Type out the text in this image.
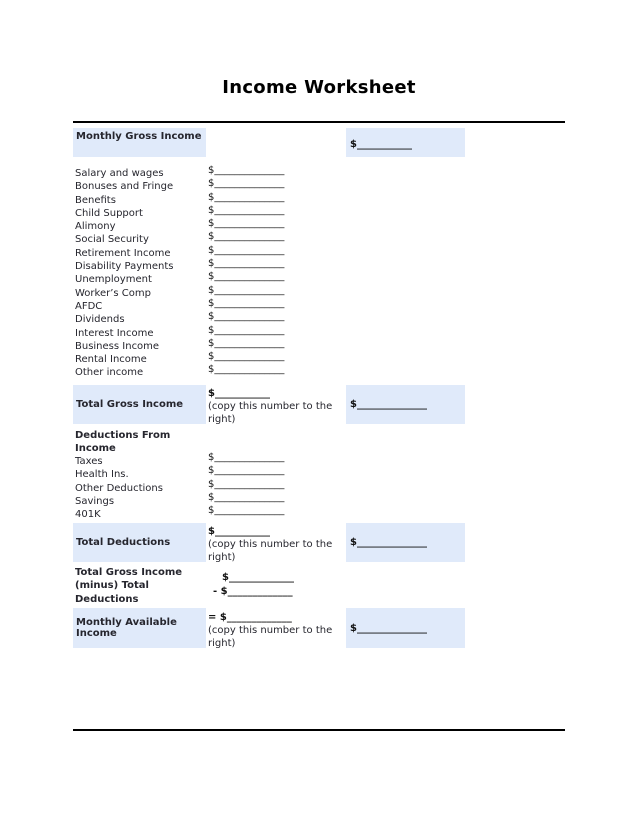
Income Worksheet
Monthly Gross Income
$___________
Salary and wages
Bonuses and Fringe Benefits
Child Support
Alimony
Social Security
Retirement Income
Disability Payments
Unemployment
Worker’s Comp
AFDC
Dividends
Interest Income
Business Income
Rental Income
Other income
$______________
$______________
$______________
$______________
$______________
$______________
$______________
$______________
$______________
$______________
$______________
$______________
$______________
$______________
$______________
$______________
Total Gross Income
$___________
(copy this number to the
right)
$______________
Deductions From Income
Taxes
Health Ins.
Other Deductions
Savings
401K
$______________
$______________
$______________
$______________
$______________
Total Deductions
$___________
(copy this number to the
right)
$______________
Total Gross Income (minus) Total Deductions
$_____________
- $_____________
Monthly Available Income
= $_____________
(copy this number to the
right)
$______________
